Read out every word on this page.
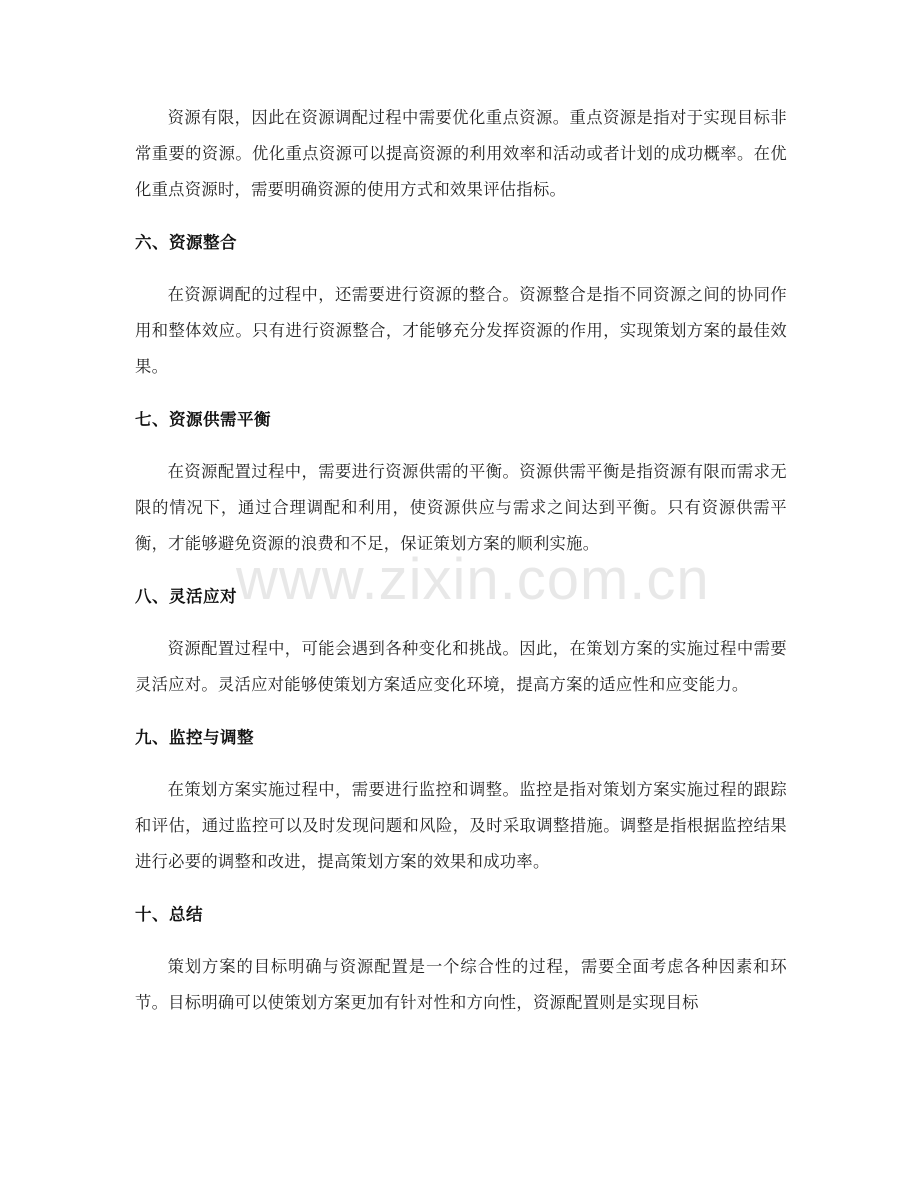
资源有限，因此在资源调配过程中需要优化重点资源。重点资源是指对于实现目标非常重要的资源。优化重点资源可以提高资源的利用效率和活动或者计划的成功概率。在优化重点资源时，需要明确资源的使用方式和效果评估指标。

六、资源整合

在资源调配的过程中，还需要进行资源的整合。资源整合是指不同资源之间的协同作用和整体效应。只有进行资源整合，才能够充分发挥资源的作用，实现策划方案的最佳效果。

七、资源供需平衡

在资源配置过程中，需要进行资源供需的平衡。资源供需平衡是指资源有限而需求无限的情况下，通过合理调配和利用，使资源供应与需求之间达到平衡。只有资源供需平衡，才能够避免资源的浪费和不足，保证策划方案的顺利实施。

八、灵活应对

资源配置过程中，可能会遇到各种变化和挑战。因此，在策划方案的实施过程中需要灵活应对。灵活应对能够使策划方案适应变化环境，提高方案的适应性和应变能力。

九、监控与调整

在策划方案实施过程中，需要进行监控和调整。监控是指对策划方案实施过程的跟踪和评估，通过监控可以及时发现问题和风险，及时采取调整措施。调整是指根据监控结果进行必要的调整和改进，提高策划方案的效果和成功率。

十、总结

策划方案的目标明确与资源配置是一个综合性的过程，需要全面考虑各种因素和环节。目标明确可以使策划方案更加有针对性和方向性，资源配置则是实现目标

www.zixin.com.cn
